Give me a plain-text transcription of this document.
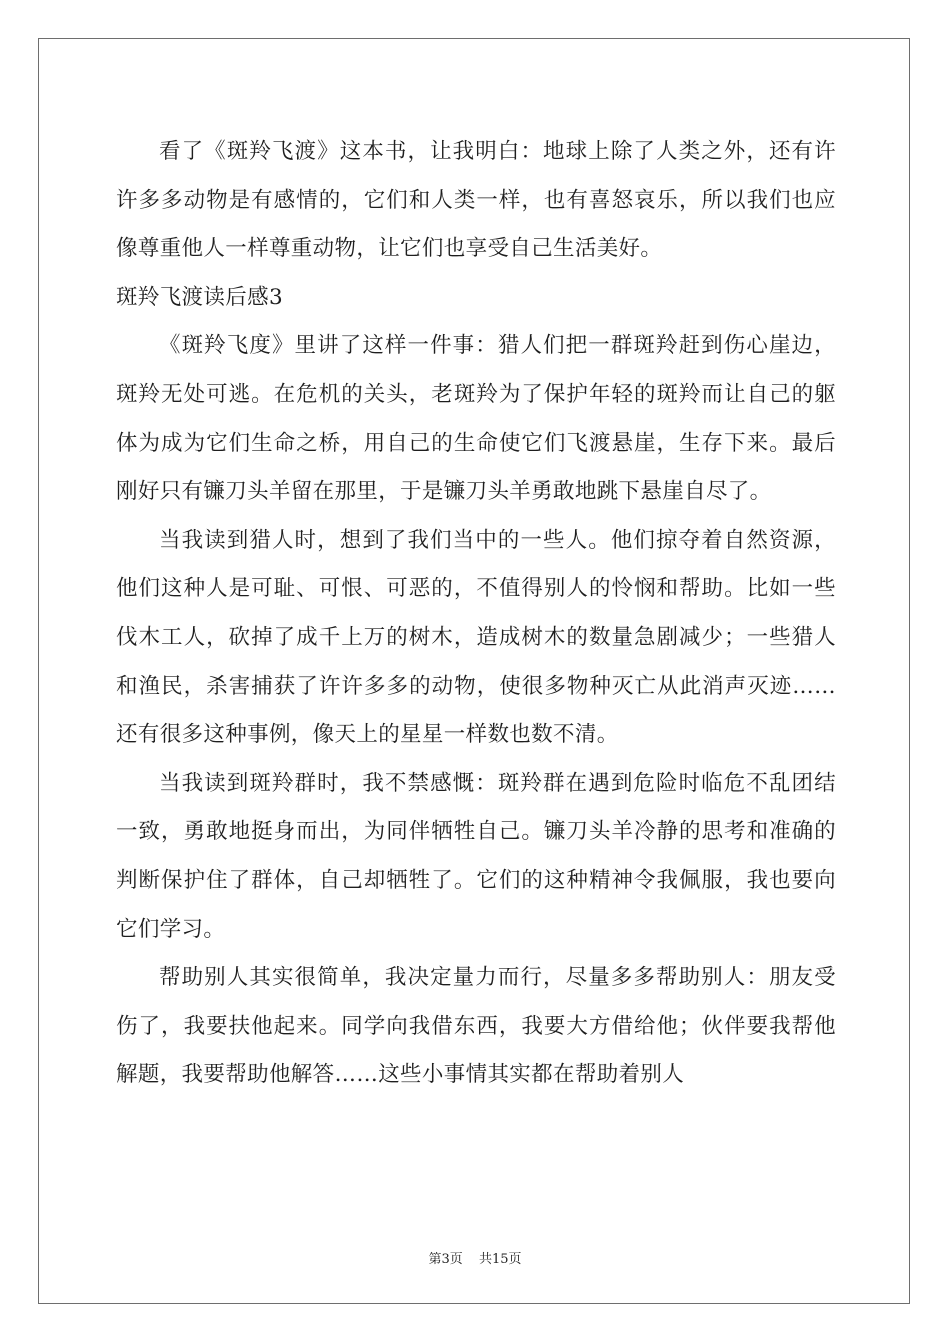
看了《斑羚飞渡》这本书，让我明白：地球上除了人类之外，还有许许多多动物是有感情的，它们和人类一样，也有喜怒哀乐，所以我们也应像尊重他人一样尊重动物，让它们也享受自己生活美好。

斑羚飞渡读后感3

《斑羚飞度》里讲了这样一件事：猎人们把一群斑羚赶到伤心崖边，斑羚无处可逃。在危机的关头，老斑羚为了保护年轻的斑羚而让自己的躯体为成为它们生命之桥，用自己的生命使它们飞渡悬崖，生存下来。最后刚好只有镰刀头羊留在那里，于是镰刀头羊勇敢地跳下悬崖自尽了。

当我读到猎人时，想到了我们当中的一些人。他们掠夺着自然资源，他们这种人是可耻、可恨、可恶的，不值得别人的怜悯和帮助。比如一些伐木工人，砍掉了成千上万的树木，造成树木的数量急剧减少；一些猎人和渔民，杀害捕获了许许多多的动物，使很多物种灭亡从此消声灭迹……还有很多这种事例，像天上的星星一样数也数不清。

当我读到斑羚群时，我不禁感慨：斑羚群在遇到危险时临危不乱团结一致，勇敢地挺身而出，为同伴牺牲自己。镰刀头羊冷静的思考和准确的判断保护住了群体，自己却牺牲了。它们的这种精神令我佩服，我也要向它们学习。

帮助别人其实很简单，我决定量力而行，尽量多多帮助别人：朋友受伤了，我要扶他起来。同学向我借东西，我要大方借给他；伙伴要我帮他解题，我要帮助他解答……这些小事情其实都在帮助着别人

第3页 共15页
